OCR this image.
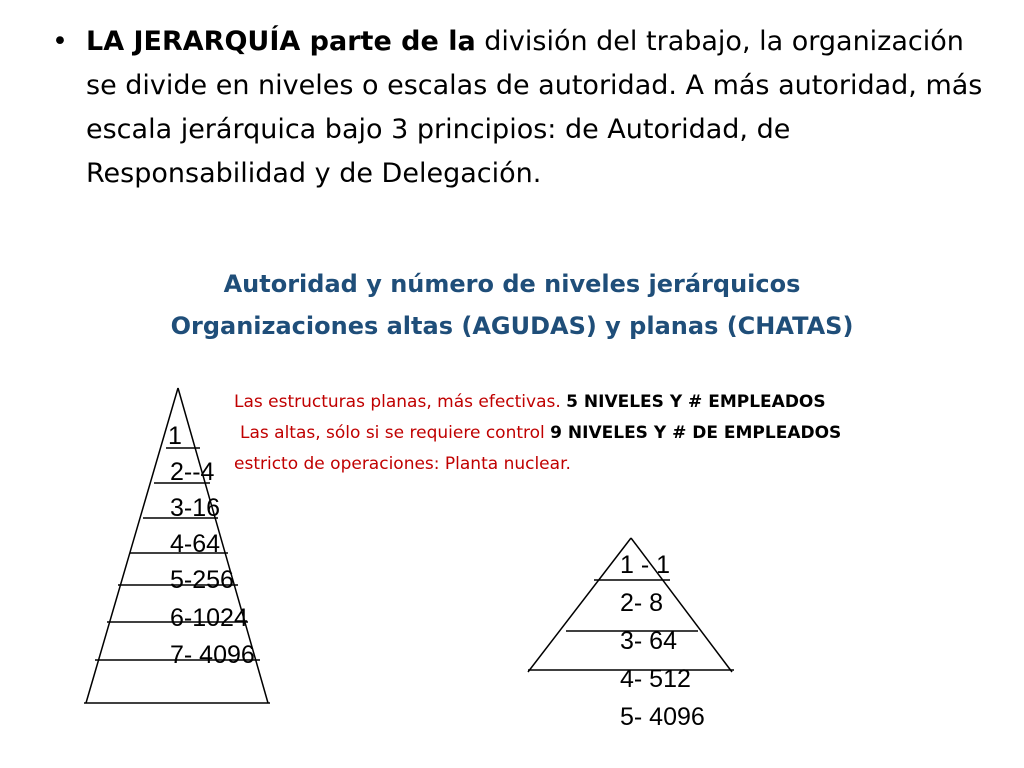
• LA JERARQUÍA parte de la división del trabajo, la organización se divide en niveles o escalas de autoridad. A más autoridad, más escala jerárquica bajo 3 principios: de Autoridad, de Responsabilidad y de Delegación.
Autoridad y número de niveles jerárquicos
Organizaciones altas (AGUDAS) y planas (CHATAS)
Las estructuras planas, más efectivas. 5 NIVELES Y # EMPLEADOS
Las altas, sólo si se requiere control 9 NIVELES Y # DE EMPLEADOS
estricto de operaciones: Planta nuclear.
1
2--4
3-16
4-64
5-256
6-1024
7- 4096
1 - 1
2- 8
3- 64
4- 512
5- 4096
